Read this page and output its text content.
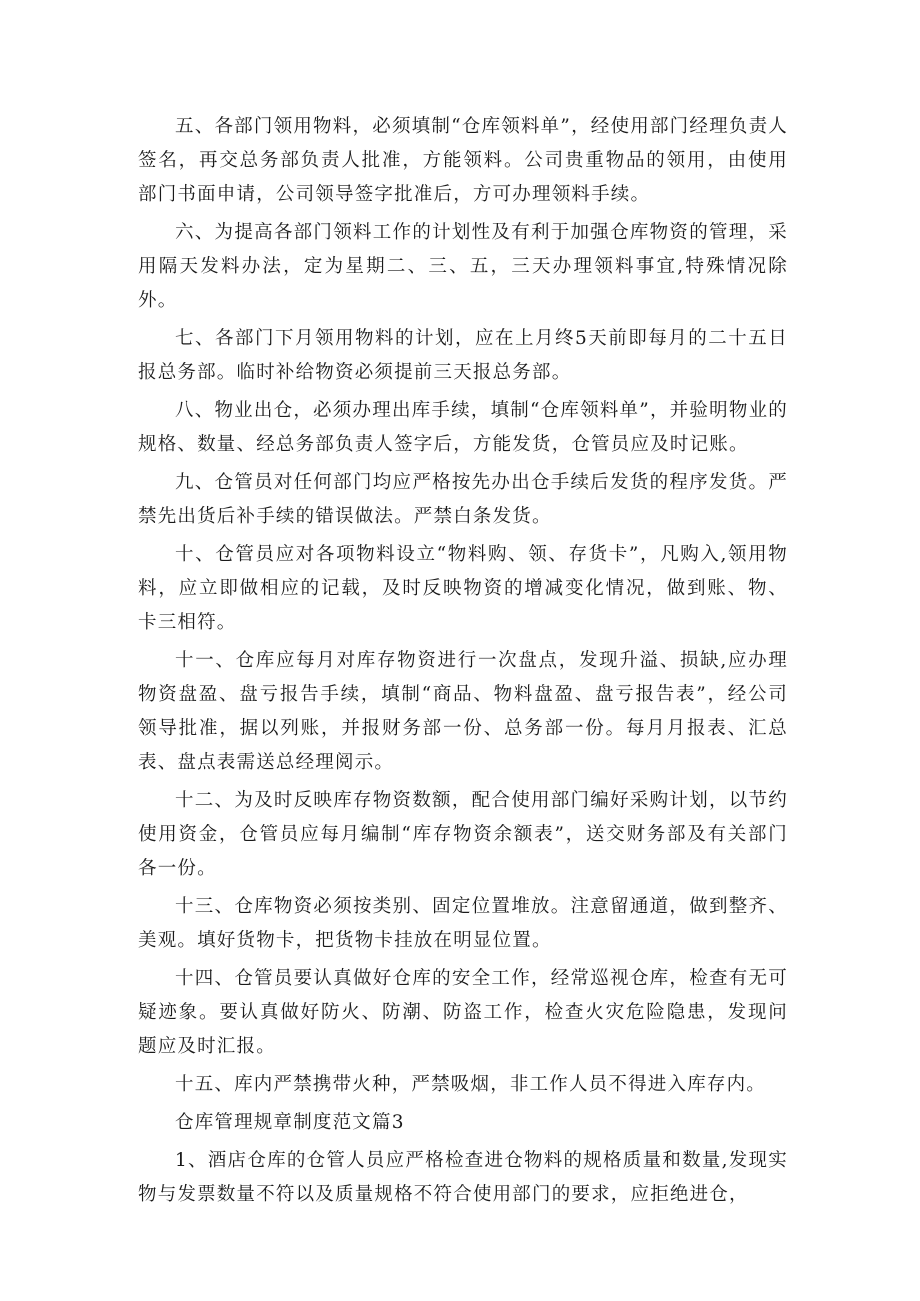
五、各部门领用物料，必须填制“仓库领料单”，经使用部门经理负责人签名，再交总务部负责人批准，方能领料。公司贵重物品的领用，由使用部门书面申请，公司领导签字批准后，方可办理领料手续。

六、为提高各部门领料工作的计划性及有利于加强仓库物资的管理，采用隔天发料办法，定为星期二、三、五，三天办理领料事宜,特殊情况除外。

七、各部门下月领用物料的计划，应在上月终5天前即每月的二十五日报总务部。临时补给物资必须提前三天报总务部。

八、物业出仓，必须办理出库手续，填制“仓库领料单”，并验明物业的规格、数量、经总务部负责人签字后，方能发货，仓管员应及时记账。

九、仓管员对任何部门均应严格按先办出仓手续后发货的程序发货。严禁先出货后补手续的错误做法。严禁白条发货。

十、仓管员应对各项物料设立“物料购、领、存货卡”，凡购入,领用物料，应立即做相应的记载，及时反映物资的增减变化情况，做到账、物、卡三相符。

十一、仓库应每月对库存物资进行一次盘点，发现升溢、损缺,应办理物资盘盈、盘亏报告手续，填制“商品、物料盘盈、盘亏报告表”，经公司领导批准，据以列账，并报财务部一份、总务部一份。每月月报表、汇总表、盘点表需送总经理阅示。

十二、为及时反映库存物资数额，配合使用部门编好采购计划，以节约使用资金，仓管员应每月编制“库存物资余额表”，送交财务部及有关部门各一份。

十三、仓库物资必须按类别、固定位置堆放。注意留通道，做到整齐、美观。填好货物卡，把货物卡挂放在明显位置。

十四、仓管员要认真做好仓库的安全工作，经常巡视仓库，检查有无可疑迹象。要认真做好防火、防潮、防盗工作，检查火灾危险隐患，发现问题应及时汇报。

十五、库内严禁携带火种，严禁吸烟，非工作人员不得进入库存内。

仓库管理规章制度范文篇3

1、酒店仓库的仓管人员应严格检查进仓物料的规格质量和数量,发现实物与发票数量不符以及质量规格不符合使用部门的要求，应拒绝进仓，
